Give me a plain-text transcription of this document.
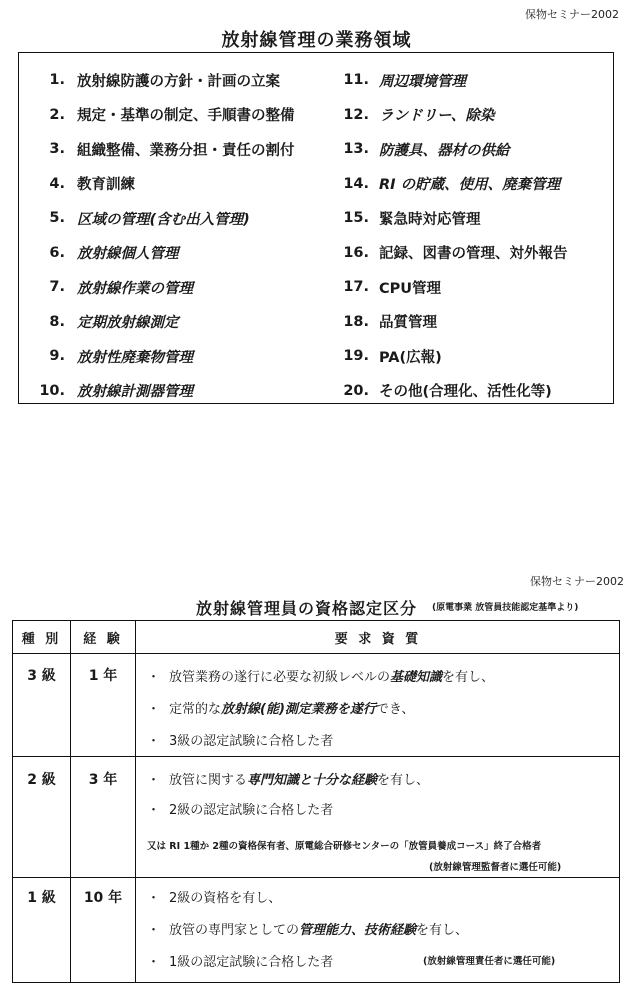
保物セミナー2002
放射線管理の業務領域
1. 放射線防護の方針・計画の立案
2. 規定・基準の制定、手順書の整備
3. 組織整備、業務分担・責任の割付
4. 教育訓練
5. 区域の管理(含む出入管理)
6. 放射線個人管理
7. 放射線作業の管理
8. 定期放射線測定
9. 放射性廃棄物管理
10. 放射線計測器管理
11. 周辺環境管理
12. ランドリー、除染
13. 防護具、器材の供給
14. RI の貯蔵、使用、廃棄管理
15. 緊急時対応管理
16. 記録、図書の管理、対外報告
17. CPU管理
18. 品質管理
19. PA(広報)
20. その他(合理化、活性化等)
保物セミナー2002
放射線管理員の資格認定区分 (原電事業 放管員技能認定基準より)
種 別	経 験	要 求 資 質
3 級	1 年	・ 放管業務の遂行に必要な初級レベルの基礎知識を有し、
・ 定常的な放射線(能)測定業務を遂行でき、
・ 3級の認定試験に合格した者
2 級	3 年	・ 放管に関する専門知識と十分な経験を有し、
・ 2級の認定試験に合格した者
又は RI 1種か 2種の資格保有者、原電総合研修センターの「放管員養成コース」終了合格者
(放射線管理監督者に選任可能)
1 級	10 年	・ 2級の資格を有し、
・ 放管の専門家としての管理能力、技術経験を有し、
・ 1級の認定試験に合格した者	(放射線管理責任者に選任可能)
